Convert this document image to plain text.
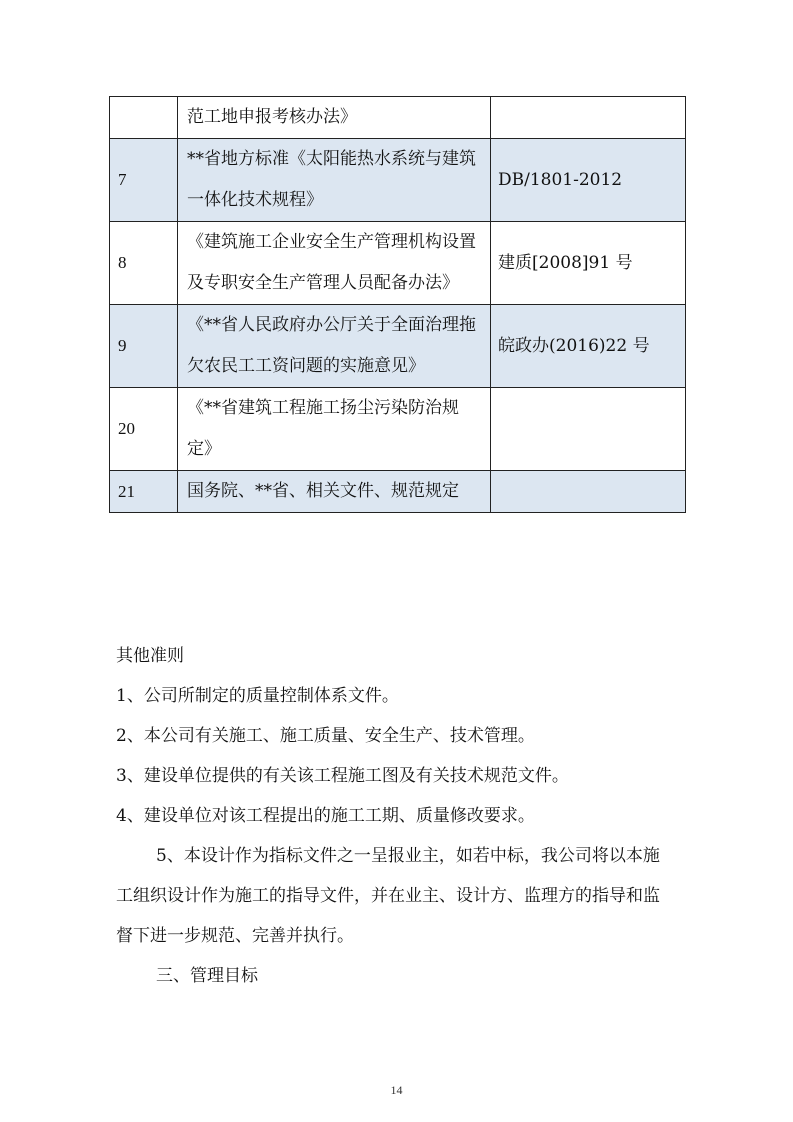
	范工地申报考核办法》	
7	**省地方标准《太阳能热水系统与建筑一体化技术规程》	DB/1801-2012
8	《建筑施工企业安全生产管理机构设置及专职安全生产管理人员配备办法》	建质[2008]91 号
9	《**省人民政府办公厅关于全面治理拖欠农民工工资问题的实施意见》	皖政办(2016)22 号
20	《**省建筑工程施工扬尘污染防治规定》	
21	国务院、**省、相关文件、规范规定	

其他准则

1、公司所制定的质量控制体系文件。

2、本公司有关施工、施工质量、安全生产、技术管理。

3、建设单位提供的有关该工程施工图及有关技术规范文件。

4、建设单位对该工程提出的施工工期、质量修改要求。

5、本设计作为指标文件之一呈报业主，如若中标，我公司将以本施工组织设计作为施工的指导文件，并在业主、设计方、监理方的指导和监督下进一步规范、完善并执行。

三、管理目标

14
